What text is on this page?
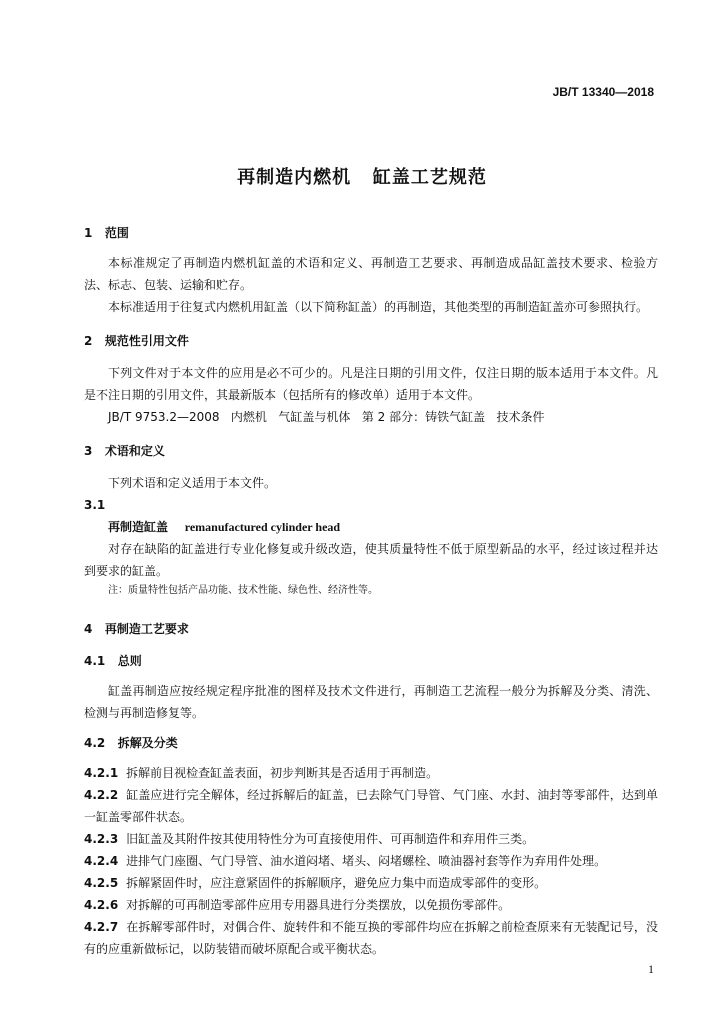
JB/T 13340—2018
再制造内燃机   缸盖工艺规范
1   范围

本标准规定了再制造内燃机缸盖的术语和定义、再制造工艺要求、再制造成品缸盖技术要求、检验方法、标志、包装、运输和贮存。

本标准适用于往复式内燃机用缸盖（以下简称缸盖）的再制造，其他类型的再制造缸盖亦可参照执行。

2   规范性引用文件

下列文件对于本文件的应用是必不可少的。凡是注日期的引用文件，仅注日期的版本适用于本文件。凡是不注日期的引用文件，其最新版本（包括所有的修改单）适用于本文件。

JB/T 9753.2—2008   内燃机   气缸盖与机体   第 2 部分：铸铁气缸盖   技术条件
3   术语和定义

下列术语和定义适用于本文件。

3.1
再制造缸盖 remanufactured cylinder head

对存在缺陷的缸盖进行专业化修复或升级改造，使其质量特性不低于原型新品的水平，经过该过程并达到要求的缸盖。

注：质量特性包括产品功能、技术性能、绿色性、经济性等。
4   再制造工艺要求
4.1   总则

缸盖再制造应按经规定程序批准的图样及技术文件进行，再制造工艺流程一般分为拆解及分类、清洗、检测与再制造修复等。

4.2   拆解及分类

4.2.1 拆解前目视检查缸盖表面，初步判断其是否适用于再制造。

4.2.2 缸盖应进行完全解体，经过拆解后的缸盖，已去除气门导管、气门座、水封、油封等零部件，达到单一缸盖零部件状态。

4.2.3 旧缸盖及其附件按其使用特性分为可直接使用件、可再制造件和弃用件三类。

4.2.4 进排气门座圈、气门导管、油水道闷堵、堵头、闷堵螺栓、喷油器衬套等作为弃用件处理。

4.2.5 拆解紧固件时，应注意紧固件的拆解顺序，避免应力集中而造成零部件的变形。

4.2.6 对拆解的可再制造零部件应用专用器具进行分类摆放，以免损伤零部件。

4.2.7 在拆解零部件时，对偶合件、旋转件和不能互换的零部件均应在拆解之前检查原来有无装配记号，没有的应重新做标记，以防装错而破坏原配合或平衡状态。

1
